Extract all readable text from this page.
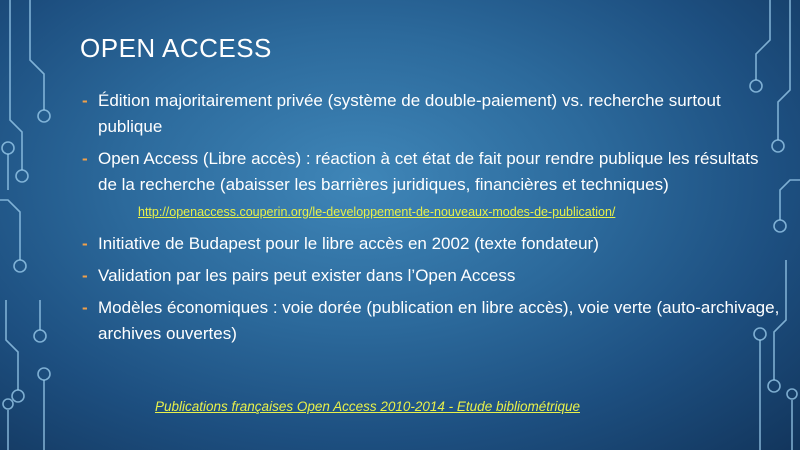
OPEN ACCESS
- Édition majoritairement privée (système de double-paiement) vs. recherche surtout publique
- Open Access (Libre accès) : réaction à cet état de fait pour rendre publique les résultats de la recherche (abaisser les barrières juridiques, financières et techniques) http://openaccess.couperin.org/le-developpement-de-nouveaux-modes-de-publication/
- Initiative de Budapest pour le libre accès en 2002 (texte fondateur)
- Validation par les pairs peut exister dans l’Open Access
- Modèles économiques : voie dorée (publication en libre accès), voie verte (auto-archivage, archives ouvertes)
Publications françaises Open Access 2010-2014 - Etude bibliométrique
